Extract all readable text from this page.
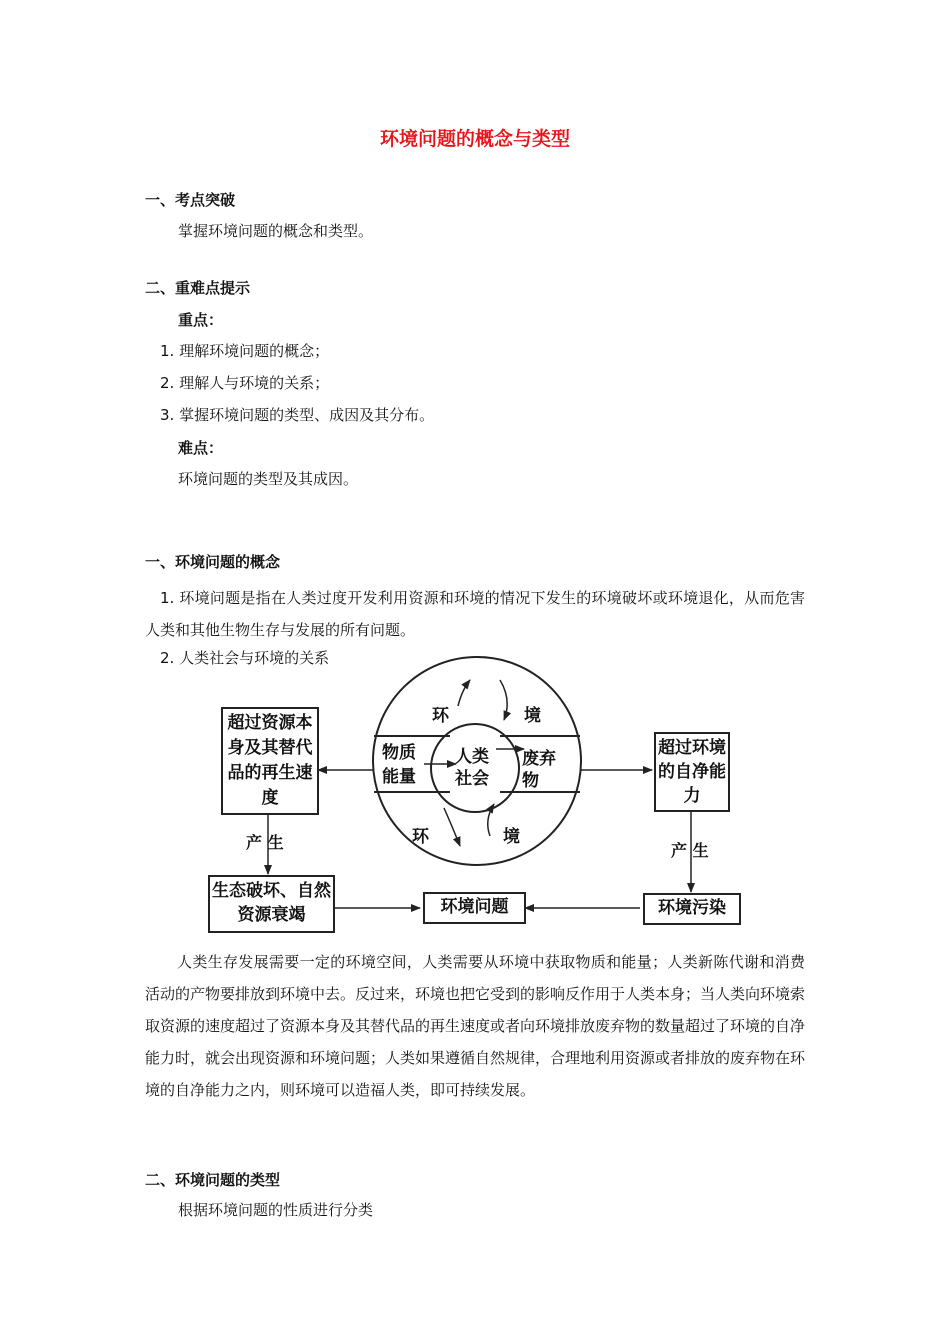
环境问题的概念与类型
一、考点突破
掌握环境问题的概念和类型。
二、重难点提示
重点：
1. 理解环境问题的概念；
2. 理解人与环境的关系；
3. 掌握环境问题的类型、成因及其分布。
难点：
环境问题的类型及其成因。
一、环境问题的概念
1. 环境问题是指在人类过度开发利用资源和环境的情况下发生的环境破坏或环境退化，从而危害人类和其他生物生存与发展的所有问题。
2. 人类社会与环境的关系
超过资源本身及其替代品的再生速度
超过环境的自净能力
生态破坏、自然资源衰竭	环境问题	环境污染
产 生	产 生
环	境
环	境
物质能量
人类社会
废弃物
人类生存发展需要一定的环境空间，人类需要从环境中获取物质和能量；人类新陈代谢和消费活动的产物要排放到环境中去。反过来，环境也把它受到的影响反作用于人类本身；当人类向环境索取资源的速度超过了资源本身及其替代品的再生速度或者向环境排放废弃物的数量超过了环境的自净能力时，就会出现资源和环境问题；人类如果遵循自然规律，合理地利用资源或者排放的废弃物在环境的自净能力之内，则环境可以造福人类，即可持续发展。
二、环境问题的类型
根据环境问题的性质进行分类
